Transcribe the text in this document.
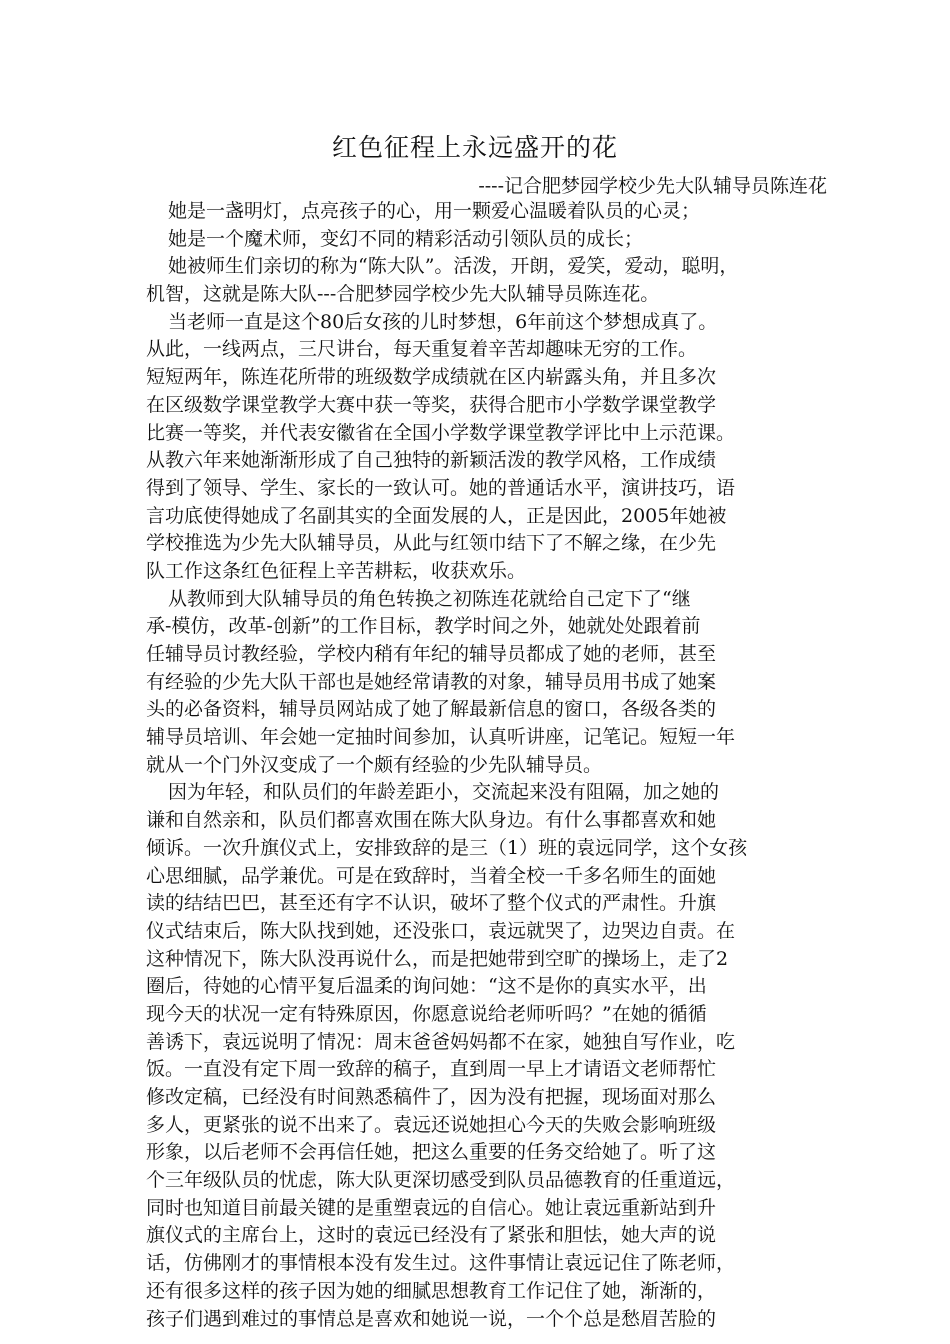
红色征程上永远盛开的花
----记合肥梦园学校少先大队辅导员陈连花
她是一盏明灯，点亮孩子的心，用一颗爱心温暖着队员的心灵；
她是一个魔术师，变幻不同的精彩活动引领队员的成长；
她被师生们亲切的称为“陈大队”。活泼，开朗，爱笑，爱动，聪明，
机智，这就是陈大队---合肥梦园学校少先大队辅导员陈连花。
当老师一直是这个80后女孩的儿时梦想，6年前这个梦想成真了。
从此，一线两点，三尺讲台，每天重复着辛苦却趣味无穷的工作。
短短两年，陈连花所带的班级数学成绩就在区内崭露头角，并且多次
在区级数学课堂教学大赛中获一等奖，获得合肥市小学数学课堂教学
比赛一等奖，并代表安徽省在全国小学数学课堂教学评比中上示范课。
从教六年来她渐渐形成了自己独特的新颖活泼的教学风格，工作成绩
得到了领导、学生、家长的一致认可。她的普通话水平，演讲技巧，语
言功底使得她成了名副其实的全面发展的人，正是因此，2005年她被
学校推选为少先大队辅导员，从此与红领巾结下了不解之缘，在少先
队工作这条红色征程上辛苦耕耘，收获欢乐。
从教师到大队辅导员的角色转换之初陈连花就给自己定下了“继
承-模仿，改革-创新”的工作目标，教学时间之外，她就处处跟着前
任辅导员讨教经验，学校内稍有年纪的辅导员都成了她的老师，甚至
有经验的少先大队干部也是她经常请教的对象，辅导员用书成了她案
头的必备资料，辅导员网站成了她了解最新信息的窗口，各级各类的
辅导员培训、年会她一定抽时间参加，认真听讲座，记笔记。短短一年
就从一个门外汉变成了一个颇有经验的少先队辅导员。
因为年轻，和队员们的年龄差距小，交流起来没有阻隔，加之她的
谦和自然亲和，队员们都喜欢围在陈大队身边。有什么事都喜欢和她
倾诉。一次升旗仪式上，安排致辞的是三（1）班的袁远同学，这个女孩
心思细腻，品学兼优。可是在致辞时，当着全校一千多名师生的面她
读的结结巴巴，甚至还有字不认识，破坏了整个仪式的严肃性。升旗
仪式结束后，陈大队找到她，还没张口，袁远就哭了，边哭边自责。在
这种情况下，陈大队没再说什么，而是把她带到空旷的操场上，走了2
圈后，待她的心情平复后温柔的询问她：“这不是你的真实水平，出
现今天的状况一定有特殊原因，你愿意说给老师听吗？”在她的循循
善诱下，袁远说明了情况：周末爸爸妈妈都不在家，她独自写作业，吃
饭。一直没有定下周一致辞的稿子，直到周一早上才请语文老师帮忙
修改定稿，已经没有时间熟悉稿件了，因为没有把握，现场面对那么
多人，更紧张的说不出来了。袁远还说她担心今天的失败会影响班级
形象，以后老师不会再信任她，把这么重要的任务交给她了。听了这
个三年级队员的忧虑，陈大队更深切感受到队员品德教育的任重道远，
同时也知道目前最关键的是重塑袁远的自信心。她让袁远重新站到升
旗仪式的主席台上，这时的袁远已经没有了紧张和胆怯，她大声的说
话，仿佛刚才的事情根本没有发生过。这件事情让袁远记住了陈老师，
还有很多这样的孩子因为她的细腻思想教育工作记住了她，渐渐的，
孩子们遇到难过的事情总是喜欢和她说一说，一个个总是愁眉苦脸的
